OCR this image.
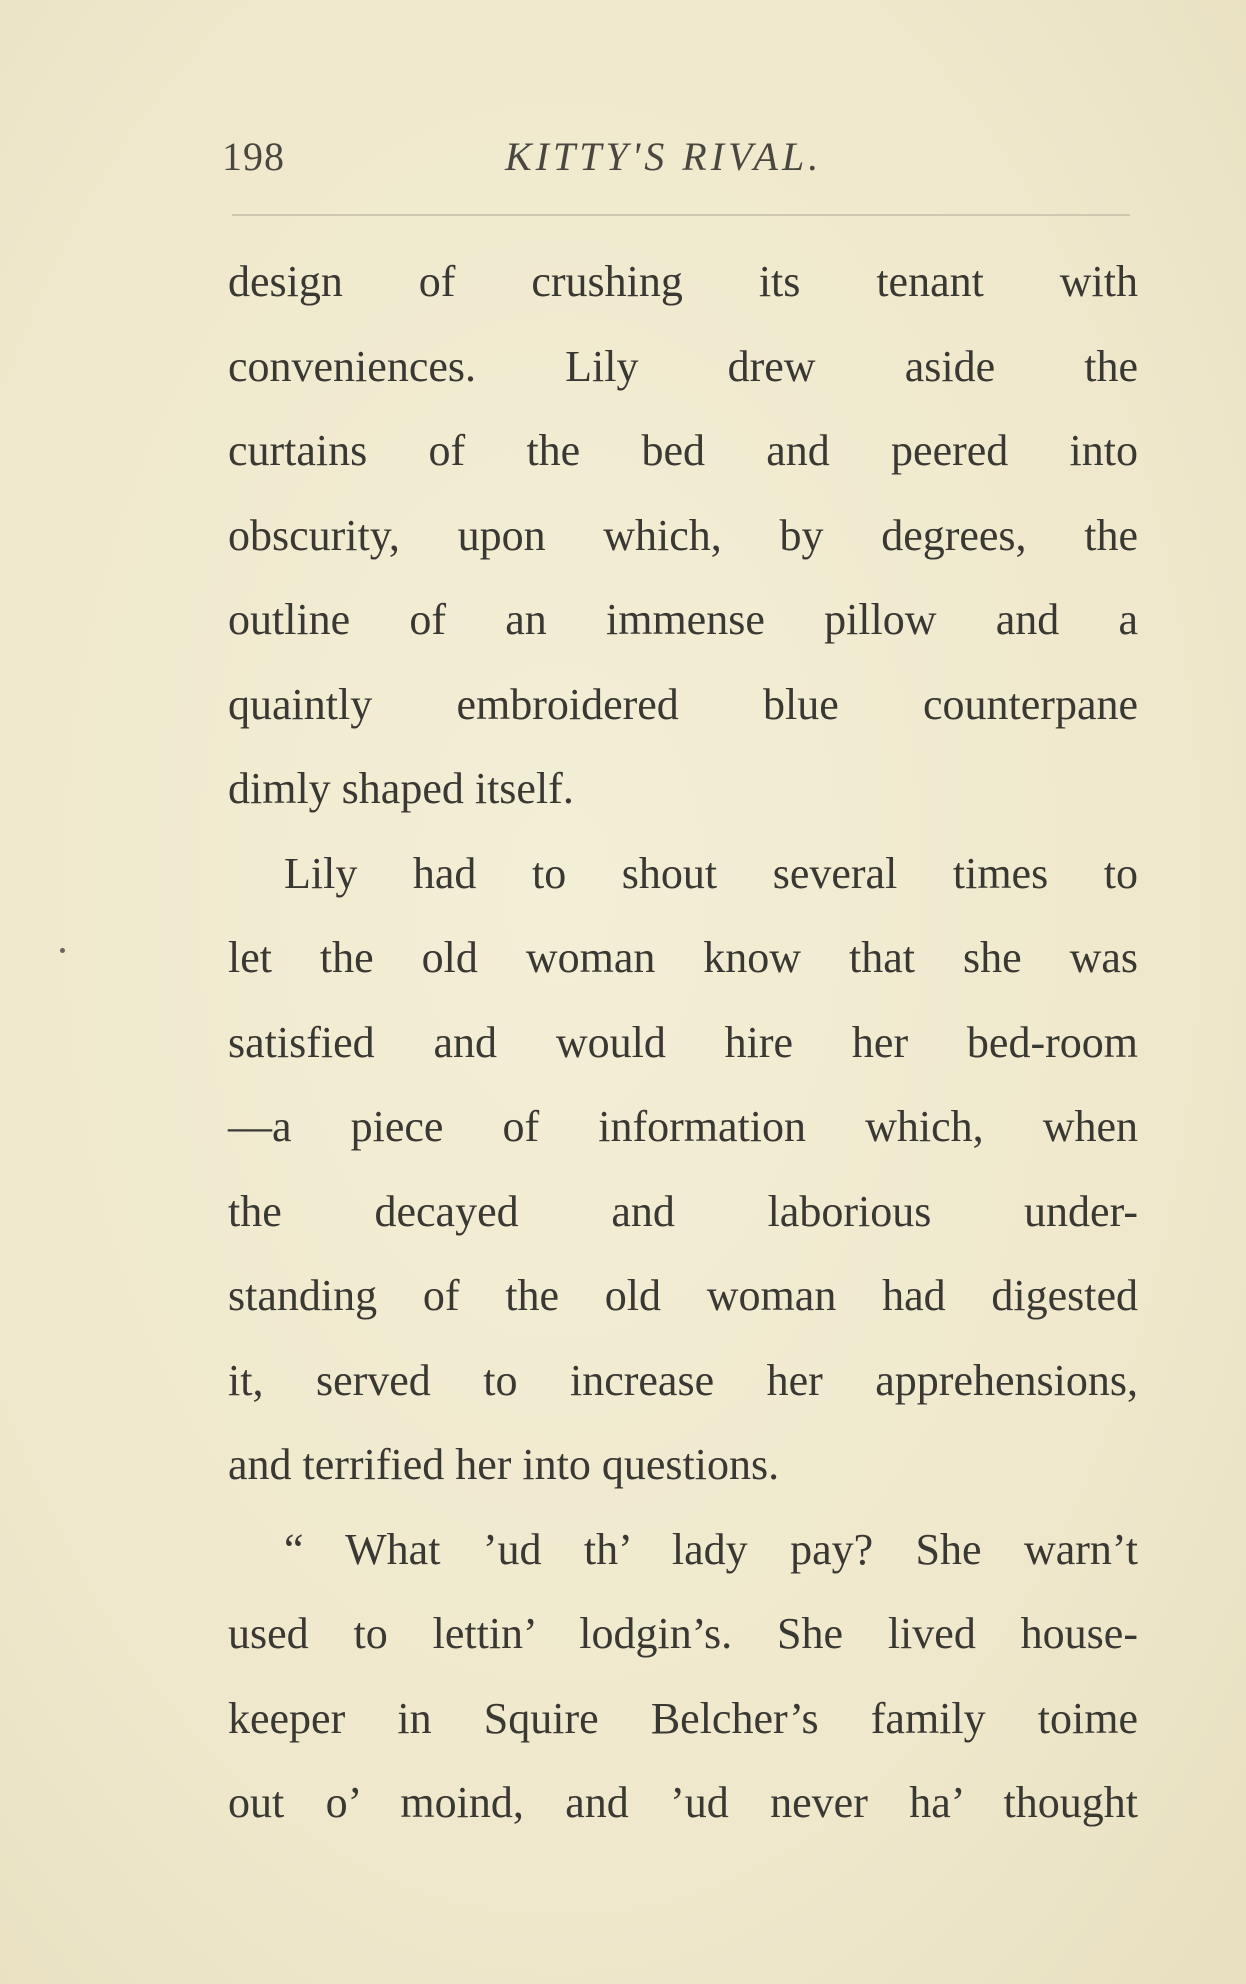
198	KITTY'S RIVAL.
design of crushing its tenant with
conveniences. Lily drew aside the
curtains of the bed and peered into
obscurity, upon which, by degrees, the
outline of an immense pillow and a
quaintly embroidered blue counterpane
dimly shaped itself.
Lily had to shout several times to
let the old woman know that she was
satisfied and would hire her bed-room
—a piece of information which, when
the decayed and laborious under-
standing of the old woman had digested
it, served to increase her apprehensions,
and terrified her into questions.
“ What ’ud th’ lady pay? She warn’t
used to lettin’ lodgin’s. She lived house-
keeper in Squire Belcher’s family toime
out o’ moind, and ’ud never ha’ thought
